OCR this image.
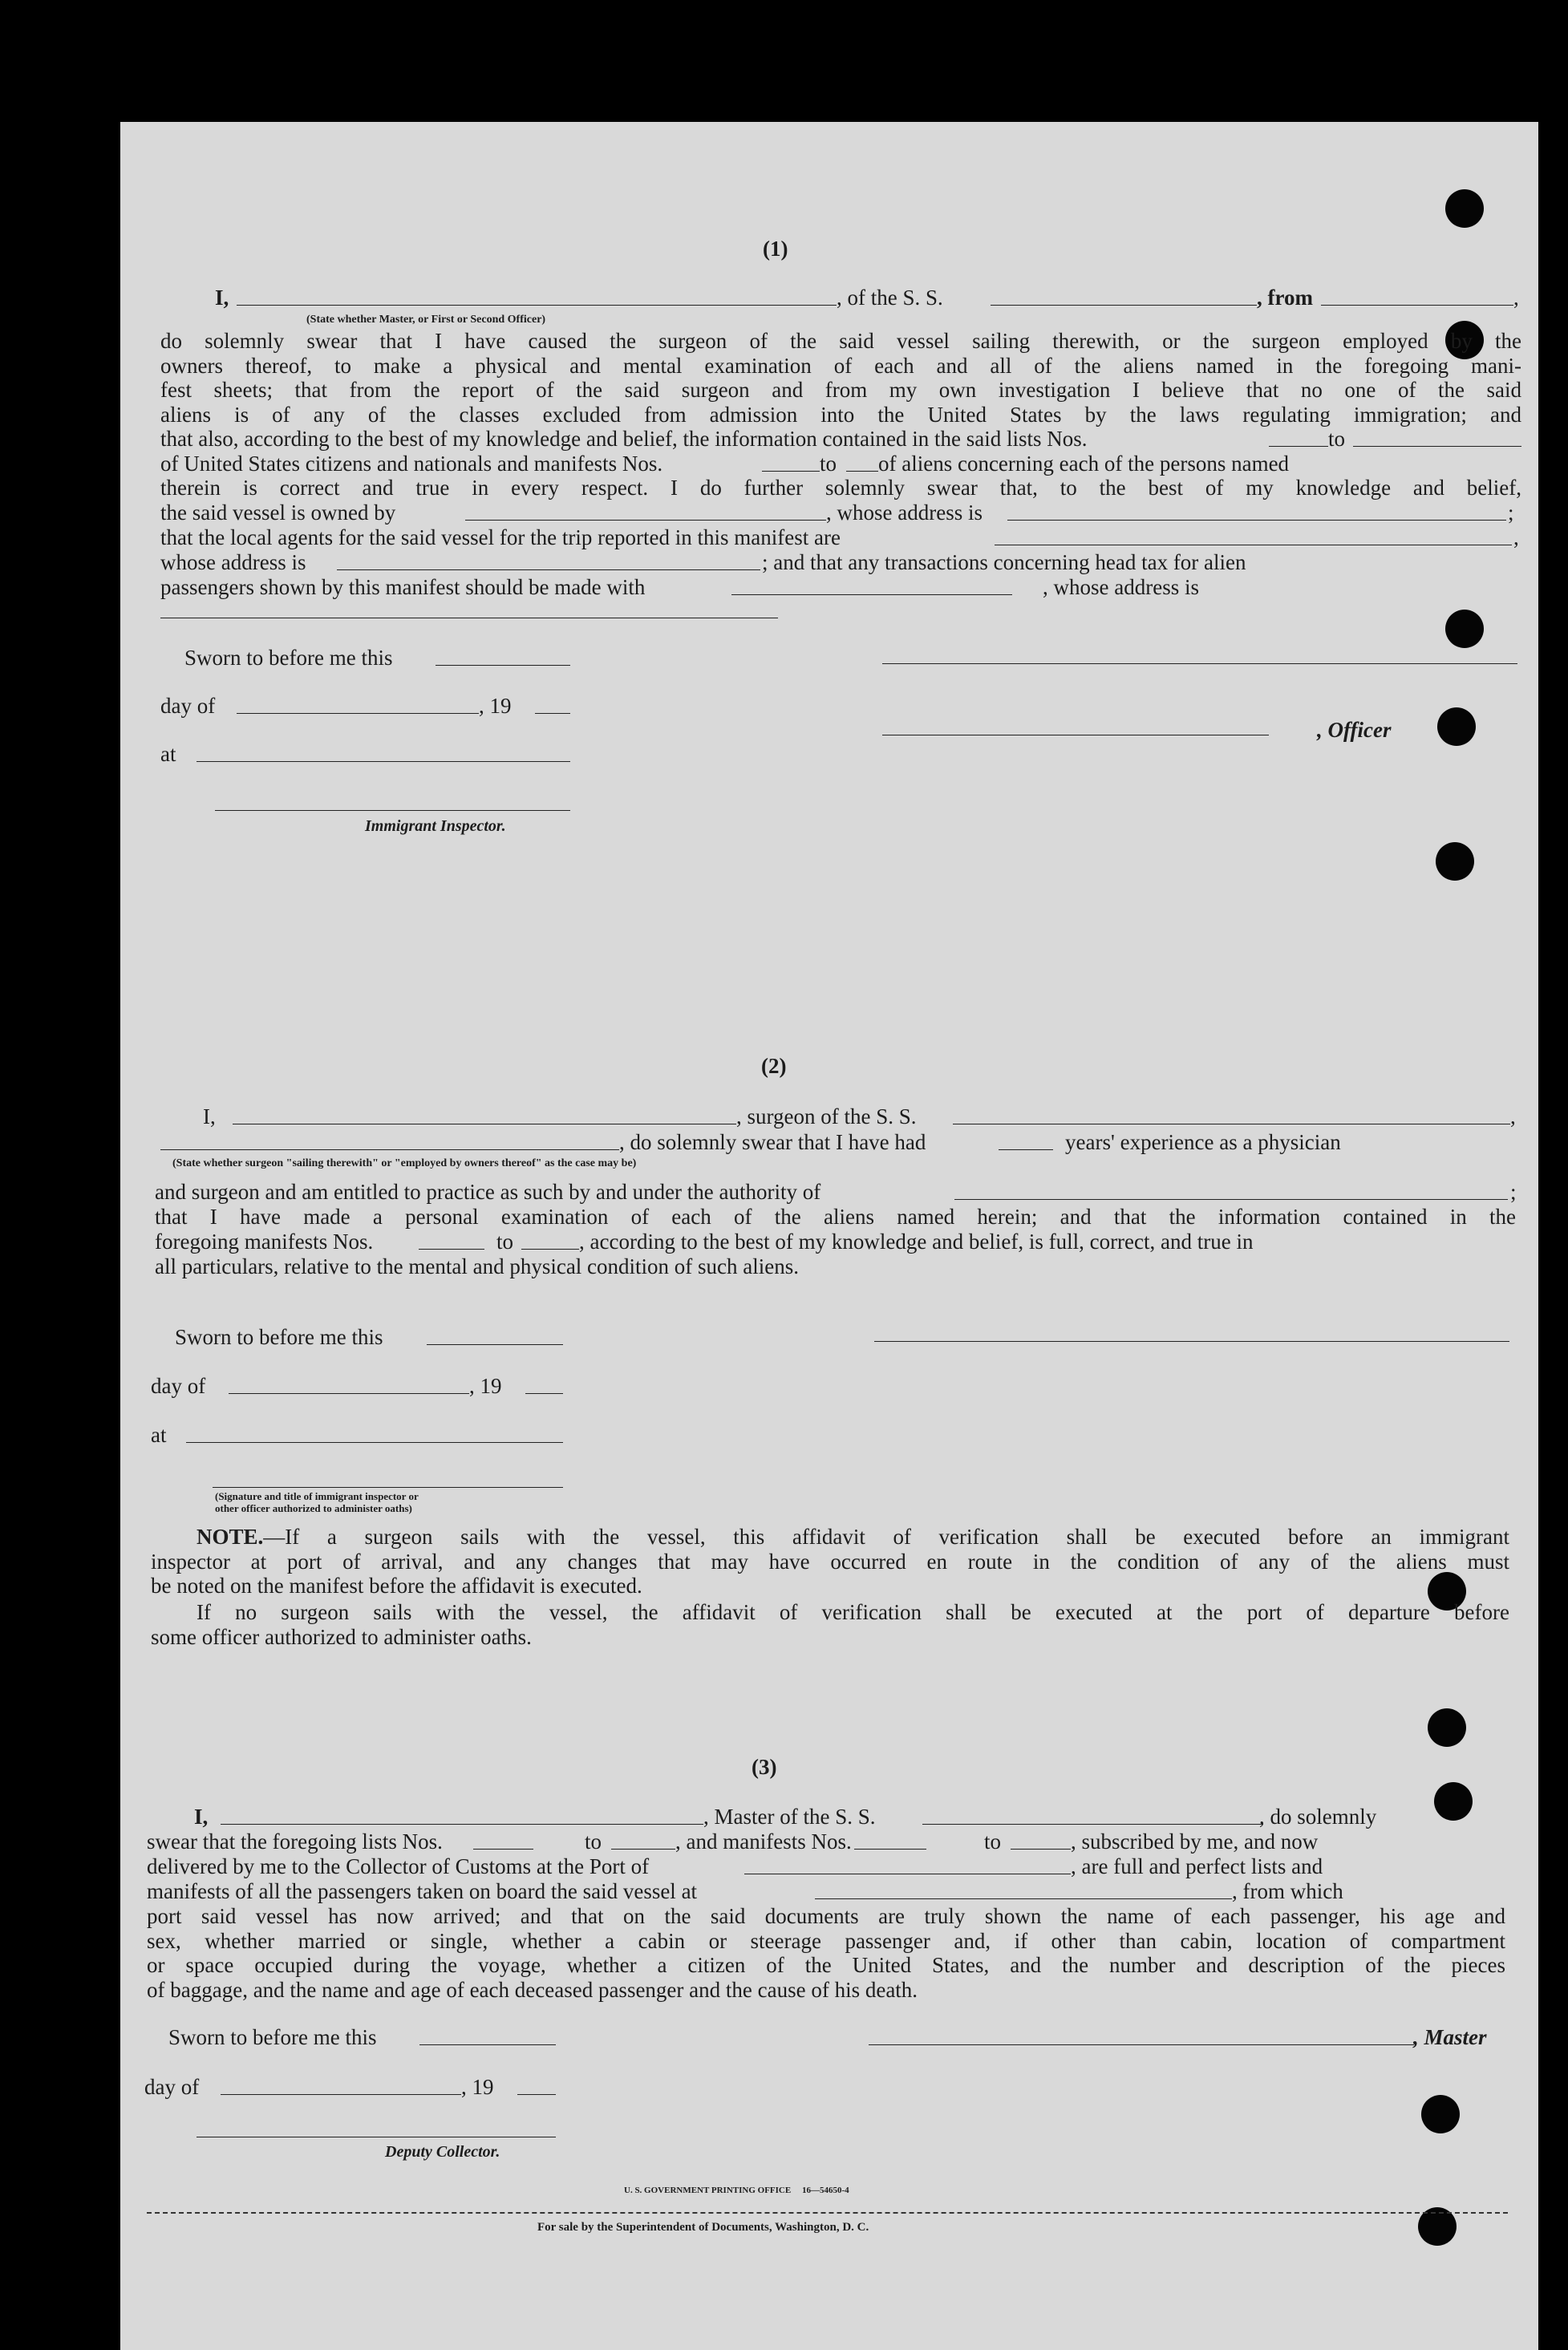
(1)
I,	, of the S. S.	, from	,
(State whether Master, or First or Second Officer)
do solemnly swear that I have caused the surgeon of the said vessel sailing therewith, or the surgeon employed by the
owners thereof, to make a physical and mental examination of each and all of the aliens named in the foregoing mani-
fest sheets; that from the report of the said surgeon and from my own investigation I believe that no one of the said
aliens is of any of the classes excluded from admission into the United States by the laws regulating immigration; and
that also, according to the best of my knowledge and belief, the information contained in the said lists Nos.	to
of United States citizens and nationals and manifests Nos.	to of aliens concerning each of the persons named
therein is correct and true in every respect. I do further solemnly swear that, to the best of my knowledge and belief,
the said vessel is owned by	, whose address is	;
that the local agents for the said vessel for the trip reported in this manifest are	,
whose address is	; and that any transactions concerning head tax for alien
passengers shown by this manifest should be made with	, whose address is
Sworn to before me this
day of	, 19
, Officer
at
Immigrant Inspector.
(2)
I,	, surgeon of the S. S.	,
, do solemnly swear that I have had	years' experience as a physician
(State whether surgeon "sailing therewith" or "employed by owners thereof" as the case may be)
and surgeon and am entitled to practice as such by and under the authority of	;
that I have made a personal examination of each of the aliens named herein; and that the information contained in the
foregoing manifests Nos.	to	, according to the best of my knowledge and belief, is full, correct, and true in
all particulars, relative to the mental and physical condition of such aliens.
Sworn to before me this
day of	, 19
at
(Signature and title of immigrant inspector or
other officer authorized to administer oaths)
NOTE.—If a surgeon sails with the vessel, this affidavit of verification shall be executed before an immigrant
inspector at port of arrival, and any changes that may have occurred en route in the condition of any of the aliens must
be noted on the manifest before the affidavit is executed.
If no surgeon sails with the vessel, the affidavit of verification shall be executed at the port of departure before
some officer authorized to administer oaths.
(3)
I,	, Master of the S. S.	, do solemnly
swear that the foregoing lists Nos.	to	, and manifests Nos.	to	, subscribed by me, and now
delivered by me to the Collector of Customs at the Port of	, are full and perfect lists and
manifests of all the passengers taken on board the said vessel at	, from which
port said vessel has now arrived; and that on the said documents are truly shown the name of each passenger, his age and
sex, whether married or single, whether a cabin or steerage passenger and, if other than cabin, location of compartment
or space occupied during the voyage, whether a citizen of the United States, and the number and description of the pieces
of baggage, and the name and age of each deceased passenger and the cause of his death.
Sworn to before me this	, Master
day of	, 19
Deputy Collector.
U. S. GOVERNMENT PRINTING OFFICE     16—54650-4
For sale by the Superintendent of Documents, Washington, D. C.
